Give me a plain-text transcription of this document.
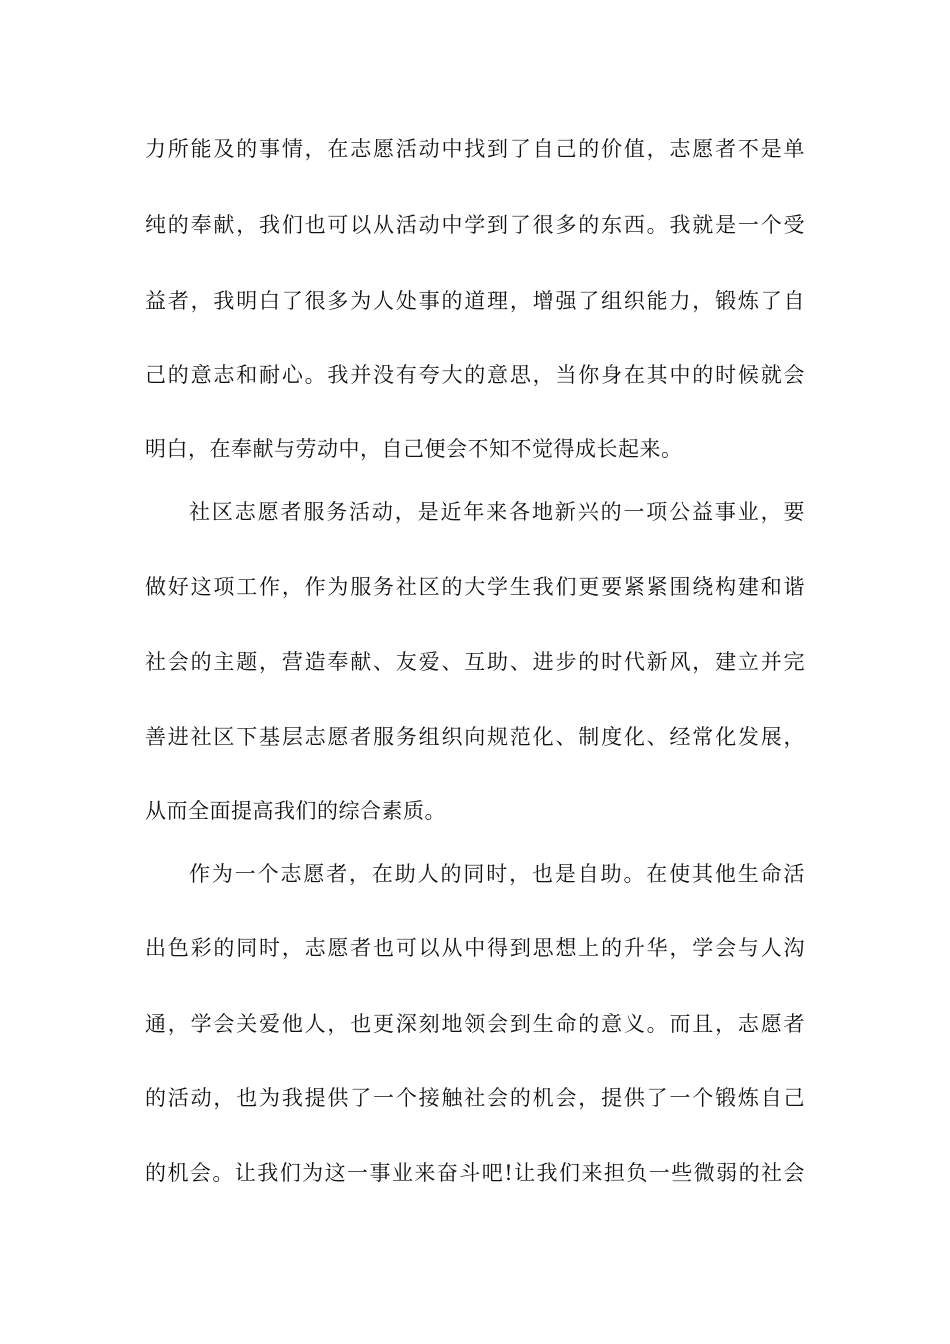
力所能及的事情，在志愿活动中找到了自己的价值，志愿者不是单
纯的奉献，我们也可以从活动中学到了很多的东西。我就是一个受
益者，我明白了很多为人处事的道理，增强了组织能力，锻炼了自
己的意志和耐心。我并没有夸大的意思，当你身在其中的时候就会
明白，在奉献与劳动中，自己便会不知不觉得成长起来。
社区志愿者服务活动，是近年来各地新兴的一项公益事业，要
做好这项工作，作为服务社区的大学生我们更要紧紧围绕构建和谐
社会的主题，营造奉献、友爱、互助、进步的时代新风，建立并完
善进社区下基层志愿者服务组织向规范化、制度化、经常化发展，
从而全面提高我们的综合素质。
作为一个志愿者，在助人的同时，也是自助。在使其他生命活
出色彩的同时，志愿者也可以从中得到思想上的升华，学会与人沟
通，学会关爱他人，也更深刻地领会到生命的意义。而且，志愿者
的活动，也为我提供了一个接触社会的机会，提供了一个锻炼自己
的机会。让我们为这一事业来奋斗吧!让我们来担负一些微弱的社会
